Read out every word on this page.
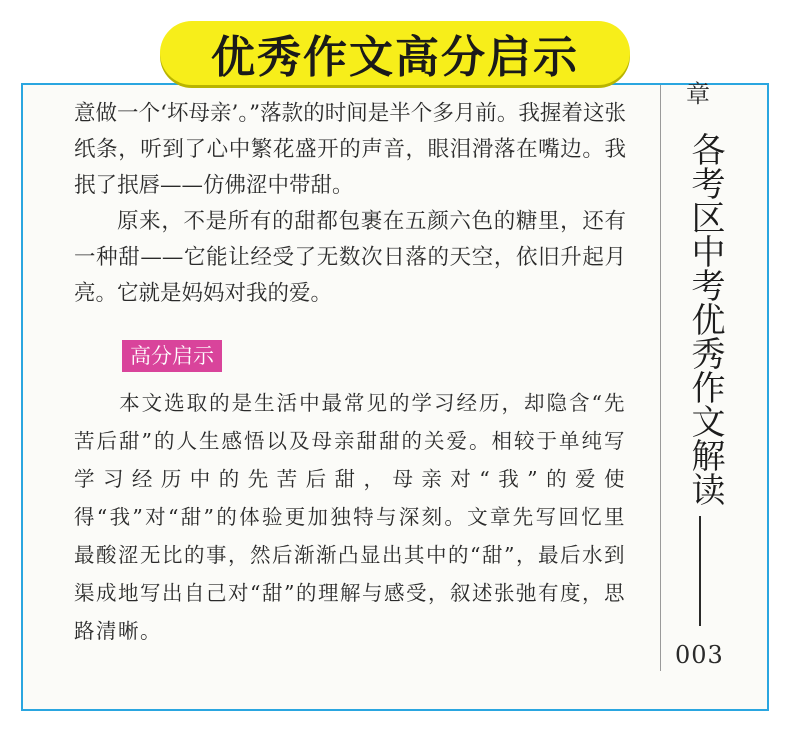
优秀作文高分启示

意做一个‘坏母亲’。”落款的时间是半个多月前。我握着这张纸条，听到了心中繁花盛开的声音，眼泪滑落在嘴边。我抿了抿唇——仿佛涩中带甜。

原来，不是所有的甜都包裹在五颜六色的糖里，还有一种甜——它能让经受了无数次日落的天空，依旧升起月亮。它就是妈妈对我的爱。

高分启示

本文选取的是生活中最常见的学习经历，却隐含“先苦后甜”的人生感悟以及母亲甜甜的关爱。相较于单纯写学习经历中的先苦后甜，母亲对“我”的爱使得“我”对“甜”的体验更加独特与深刻。文章先写回忆里最酸涩无比的事，然后渐渐凸显出其中的“甜”，最后水到渠成地写出自己对“甜”的理解与感受，叙述张弛有度，思路清晰。

章
各考区中考优秀作文解读
003
